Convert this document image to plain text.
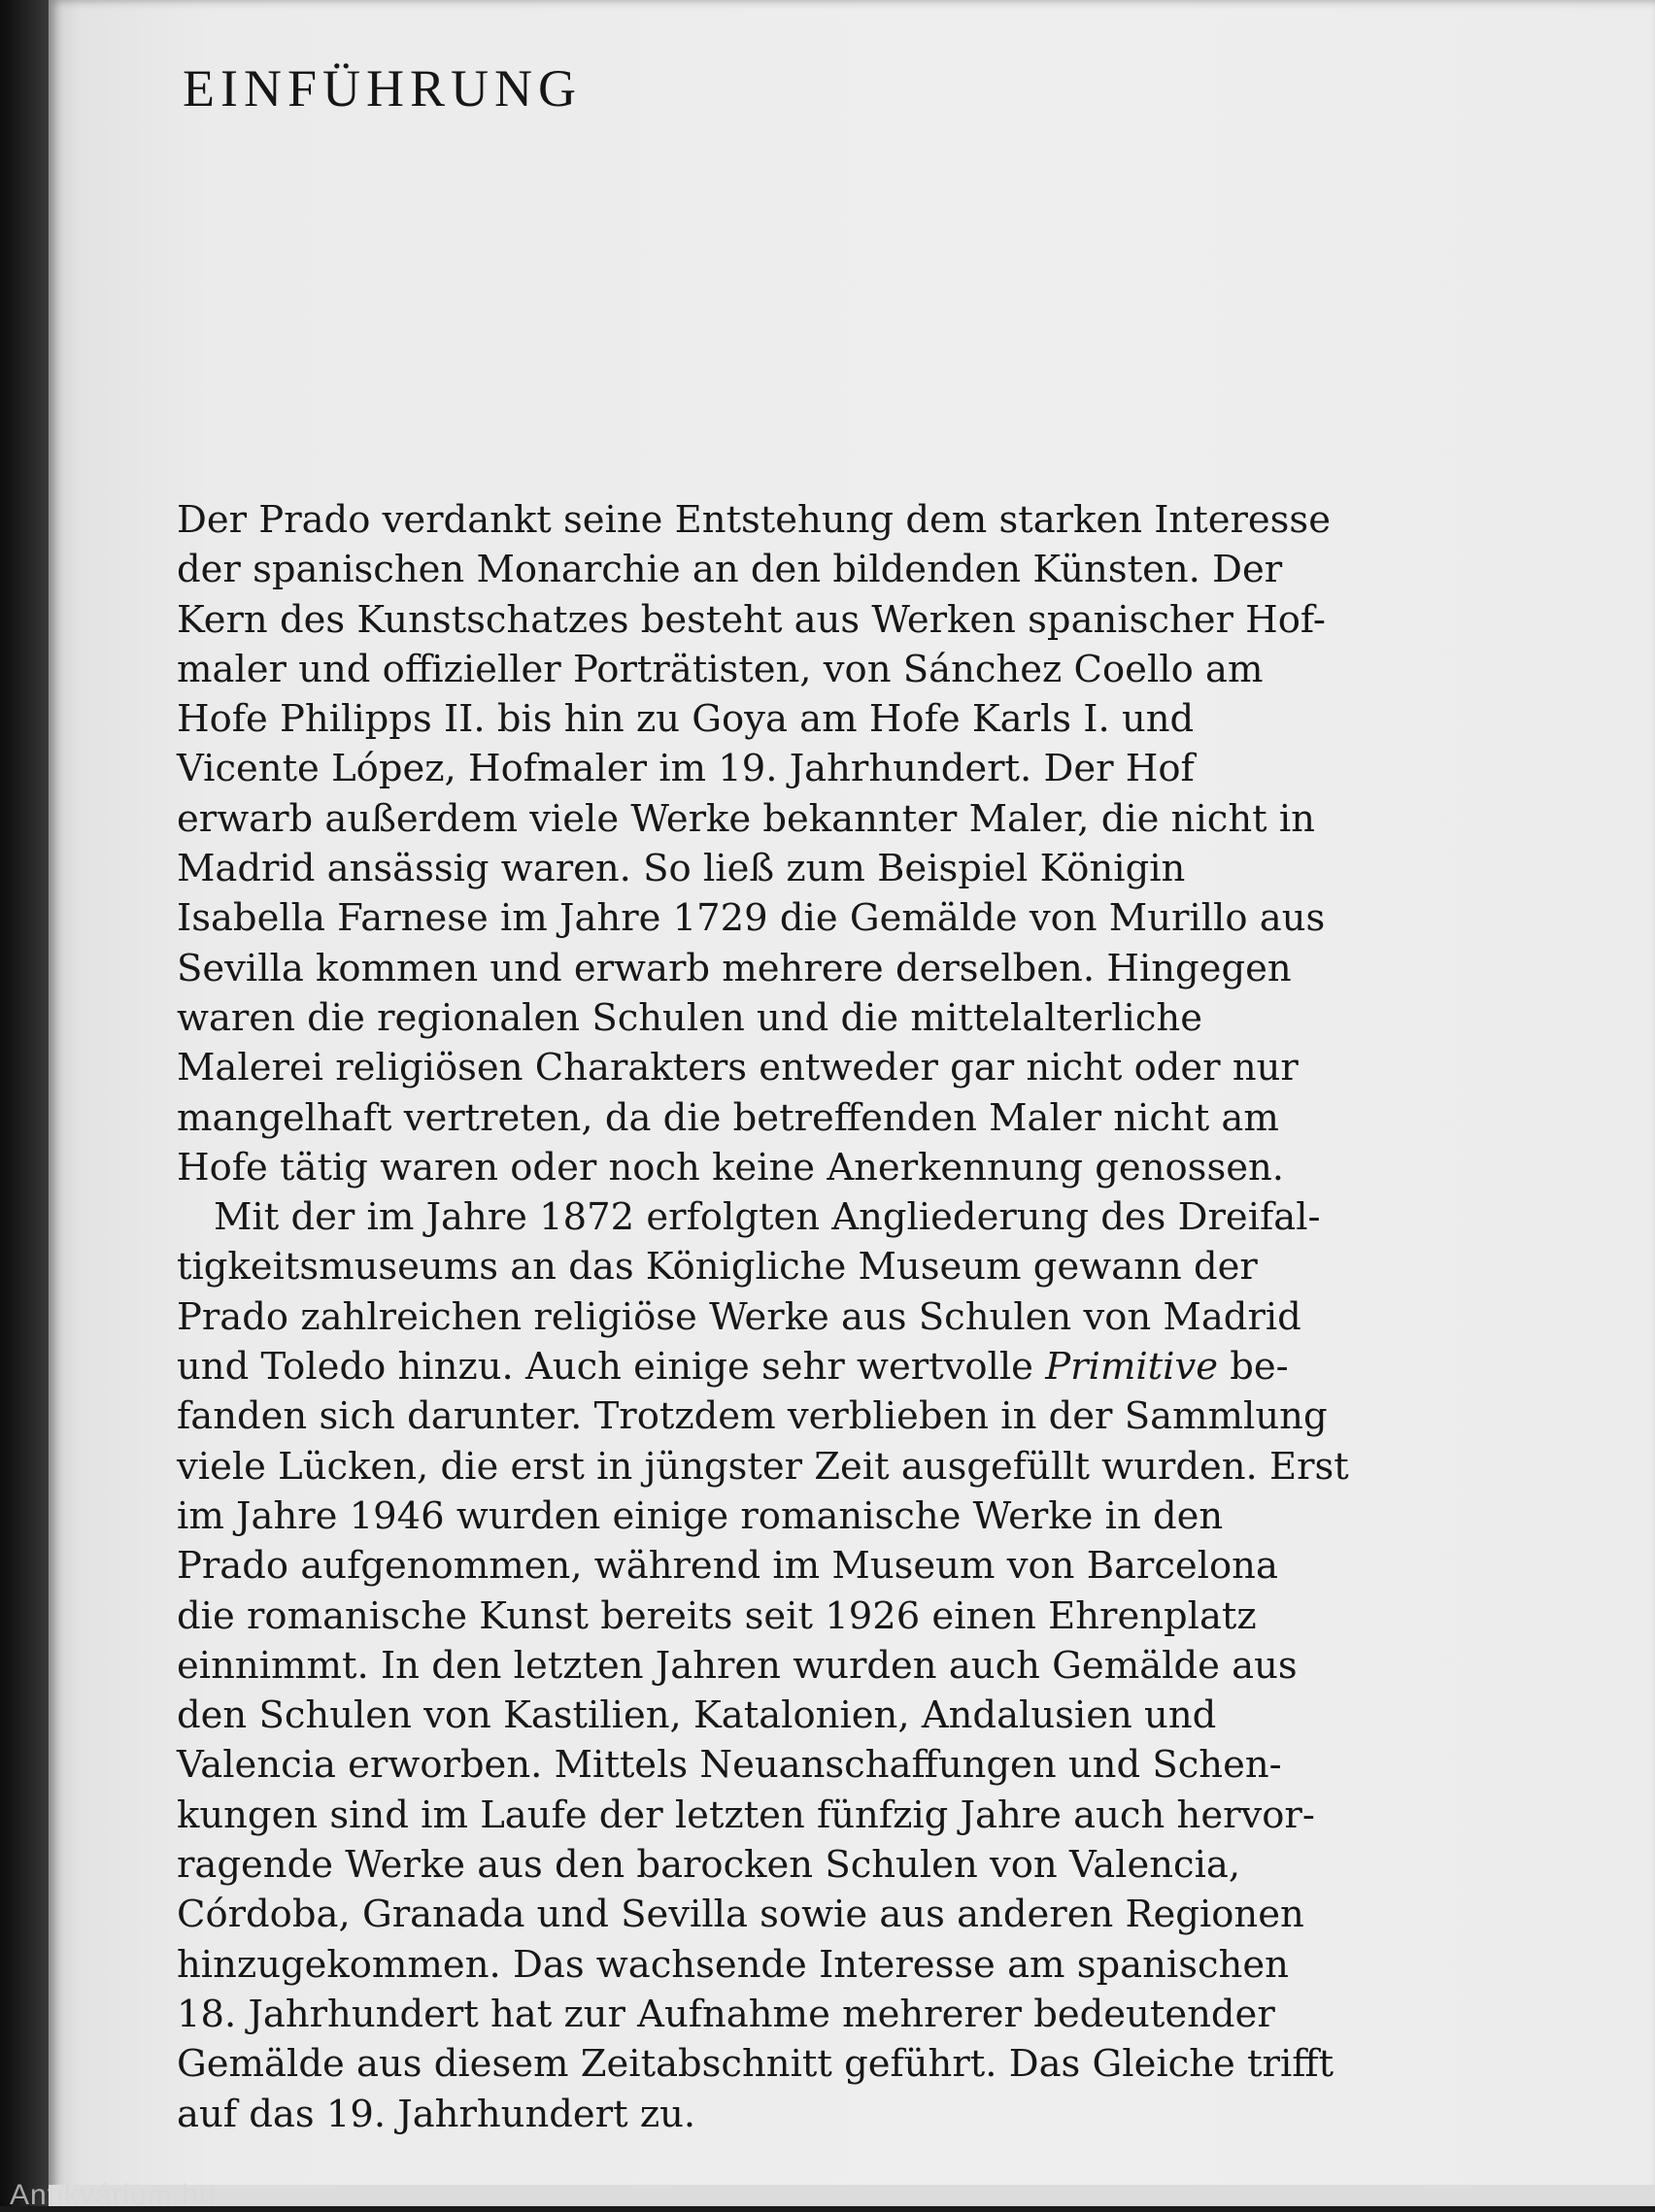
EINFÜHRUNG
Der Prado verdankt seine Entstehung dem starken Interesse
der spanischen Monarchie an den bildenden Künsten. Der
Kern des Kunstschatzes besteht aus Werken spanischer Hof-
maler und offizieller Porträtisten, von Sánchez Coello am
Hofe Philipps II. bis hin zu Goya am Hofe Karls I. und
Vicente López, Hofmaler im 19. Jahrhundert. Der Hof
erwarb außerdem viele Werke bekannter Maler, die nicht in
Madrid ansässig waren. So ließ zum Beispiel Königin
Isabella Farnese im Jahre 1729 die Gemälde von Murillo aus
Sevilla kommen und erwarb mehrere derselben. Hingegen
waren die regionalen Schulen und die mittelalterliche
Malerei religiösen Charakters entweder gar nicht oder nur
mangelhaft vertreten, da die betreffenden Maler nicht am
Hofe tätig waren oder noch keine Anerkennung genossen.
Mit der im Jahre 1872 erfolgten Angliederung des Dreifal-
tigkeitsmuseums an das Königliche Museum gewann der
Prado zahlreichen religiöse Werke aus Schulen von Madrid
und Toledo hinzu. Auch einige sehr wertvolle Primitive be-
fanden sich darunter. Trotzdem verblieben in der Sammlung
viele Lücken, die erst in jüngster Zeit ausgefüllt wurden. Erst
im Jahre 1946 wurden einige romanische Werke in den
Prado aufgenommen, während im Museum von Barcelona
die romanische Kunst bereits seit 1926 einen Ehrenplatz
einnimmt. In den letzten Jahren wurden auch Gemälde aus
den Schulen von Kastilien, Katalonien, Andalusien und
Valencia erworben. Mittels Neuanschaffungen und Schen-
kungen sind im Laufe der letzten fünfzig Jahre auch hervor-
ragende Werke aus den barocken Schulen von Valencia,
Córdoba, Granada und Sevilla sowie aus anderen Regionen
hinzugekommen. Das wachsende Interesse am spanischen
18. Jahrhundert hat zur Aufnahme mehrerer bedeutender
Gemälde aus diesem Zeitabschnitt geführt. Das Gleiche trifft
auf das 19. Jahrhundert zu.
Antikvárium.hu
